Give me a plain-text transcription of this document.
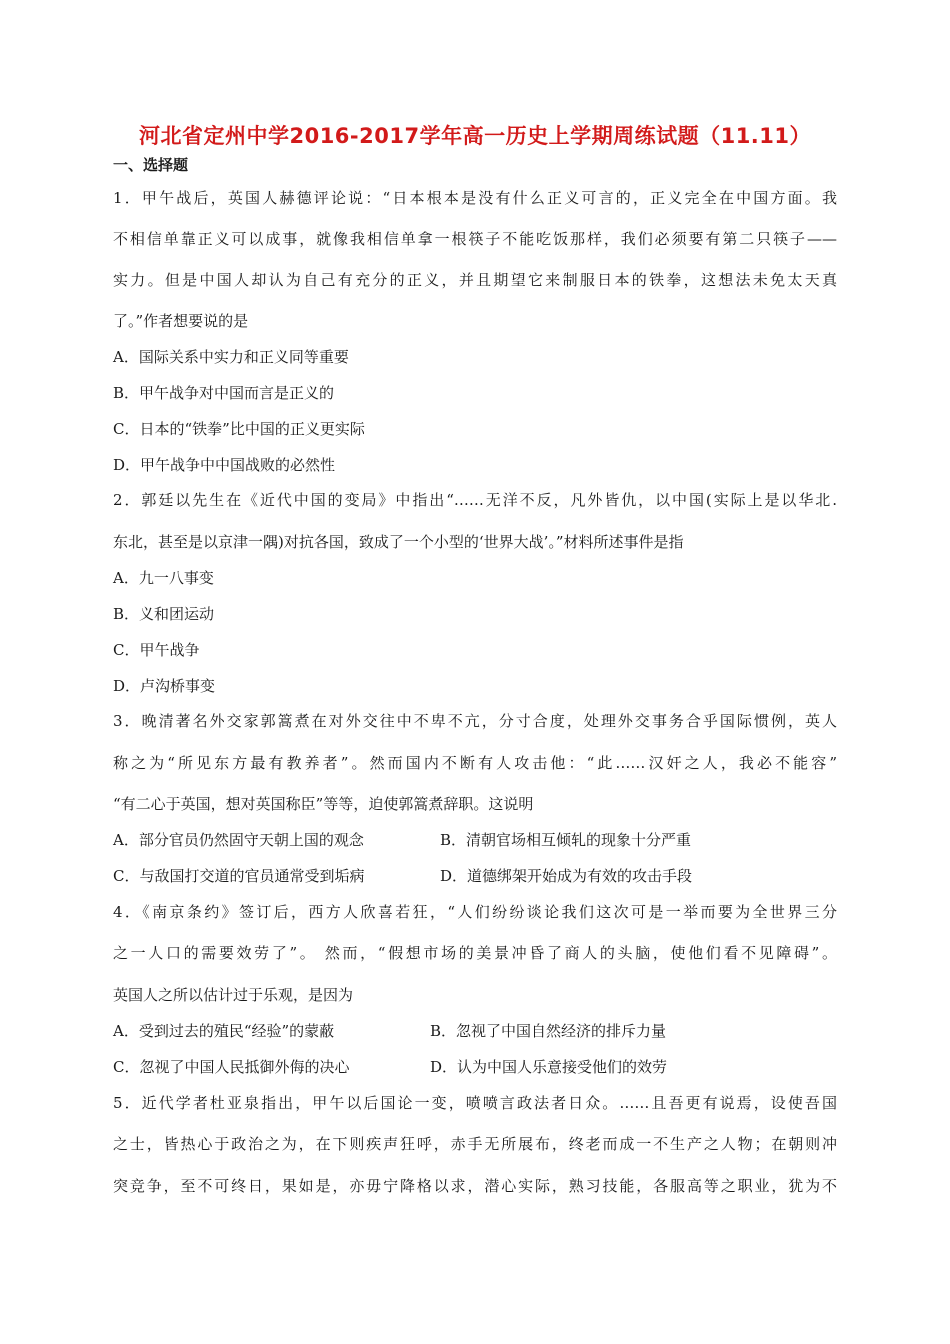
河北省定州中学2016-2017学年高一历史上学期周练试题（11.11）
一、选择题
1．甲午战后，英国人赫德评论说：“日本根本是没有什么正义可言的，正义完全在中国方面。我
不相信单靠正义可以成事，就像我相信单拿一根筷子不能吃饭那样，我们必须要有第二只筷子——
实力。但是中国人却认为自己有充分的正义，并且期望它来制服日本的铁拳，这想法未免太天真
了。”作者想要说的是
A．国际关系中实力和正义同等重要
B．甲午战争对中国而言是正义的
C．日本的“铁拳”比中国的正义更实际
D．甲午战争中中国战败的必然性
2．郭廷以先生在《近代中国的变局》中指出“……无洋不反，凡外皆仇，以中国(实际上是以华北.
东北，甚至是以京津一隅)对抗各国，致成了一个小型的‘世界大战’。”材料所述事件是指
A．九一八事变
B．义和团运动
C．甲午战争
D．卢沟桥事变
3．晚清著名外交家郭篙煮在对外交往中不卑不亢，分寸合度，处理外交事务合乎国际惯例，英人
称之为“所见东方最有教养者”。然而国内不断有人攻击他：“此……汉奸之人，我必不能容”
“有二心于英国，想对英国称臣”等等，迫使郭篙煮辞职。这说明
A．部分官员仍然固守天朝上国的观念	B．清朝官场相互倾轧的现象十分严重
C．与敌国打交道的官员通常受到垢病	D．道德绑架开始成为有效的攻击手段
4．《南京条约》签订后，西方人欣喜若狂，“人们纷纷谈论我们这次可是一举而要为全世界三分
之一人口的需要效劳了”。 然而，“假想市场的美景冲昏了商人的头脑，使他们看不见障碍”。
英国人之所以估计过于乐观，是因为
A．受到过去的殖民“经验”的蒙蔽	B．忽视了中国自然经济的排斥力量
C．忽视了中国人民抵御外侮的决心	D．认为中国人乐意接受他们的效劳
5．近代学者杜亚泉指出，甲午以后国论一变，喷喷言政法者日众。……且吾更有说焉，设使吾国
之士，皆热心于政治之为，在下则疾声狂呼，赤手无所展布，终老而成一不生产之人物；在朝则冲
突竞争，至不可终日，果如是，亦毋宁降格以求，潜心实际，熟习技能，各服高等之职业，犹为不
